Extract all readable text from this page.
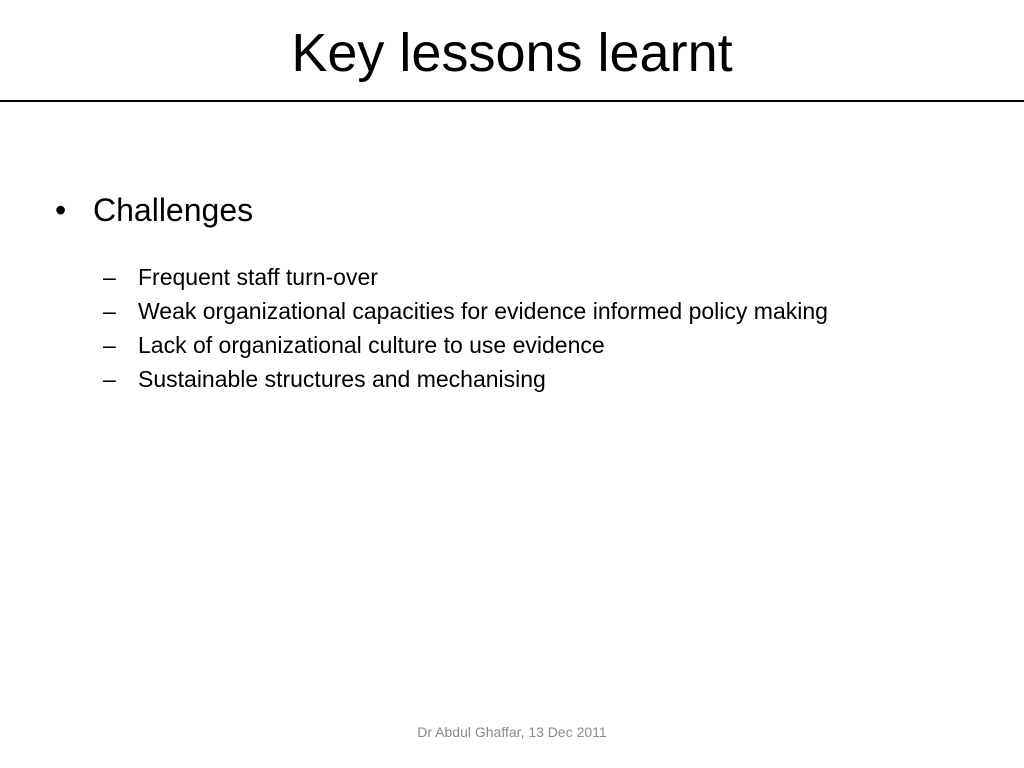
Key lessons learnt
• Challenges
– Frequent staff turn-over
– Weak organizational capacities for evidence informed policy making
– Lack of organizational culture to use evidence
– Sustainable structures and mechanising
Dr Abdul Ghaffar, 13 Dec 2011
